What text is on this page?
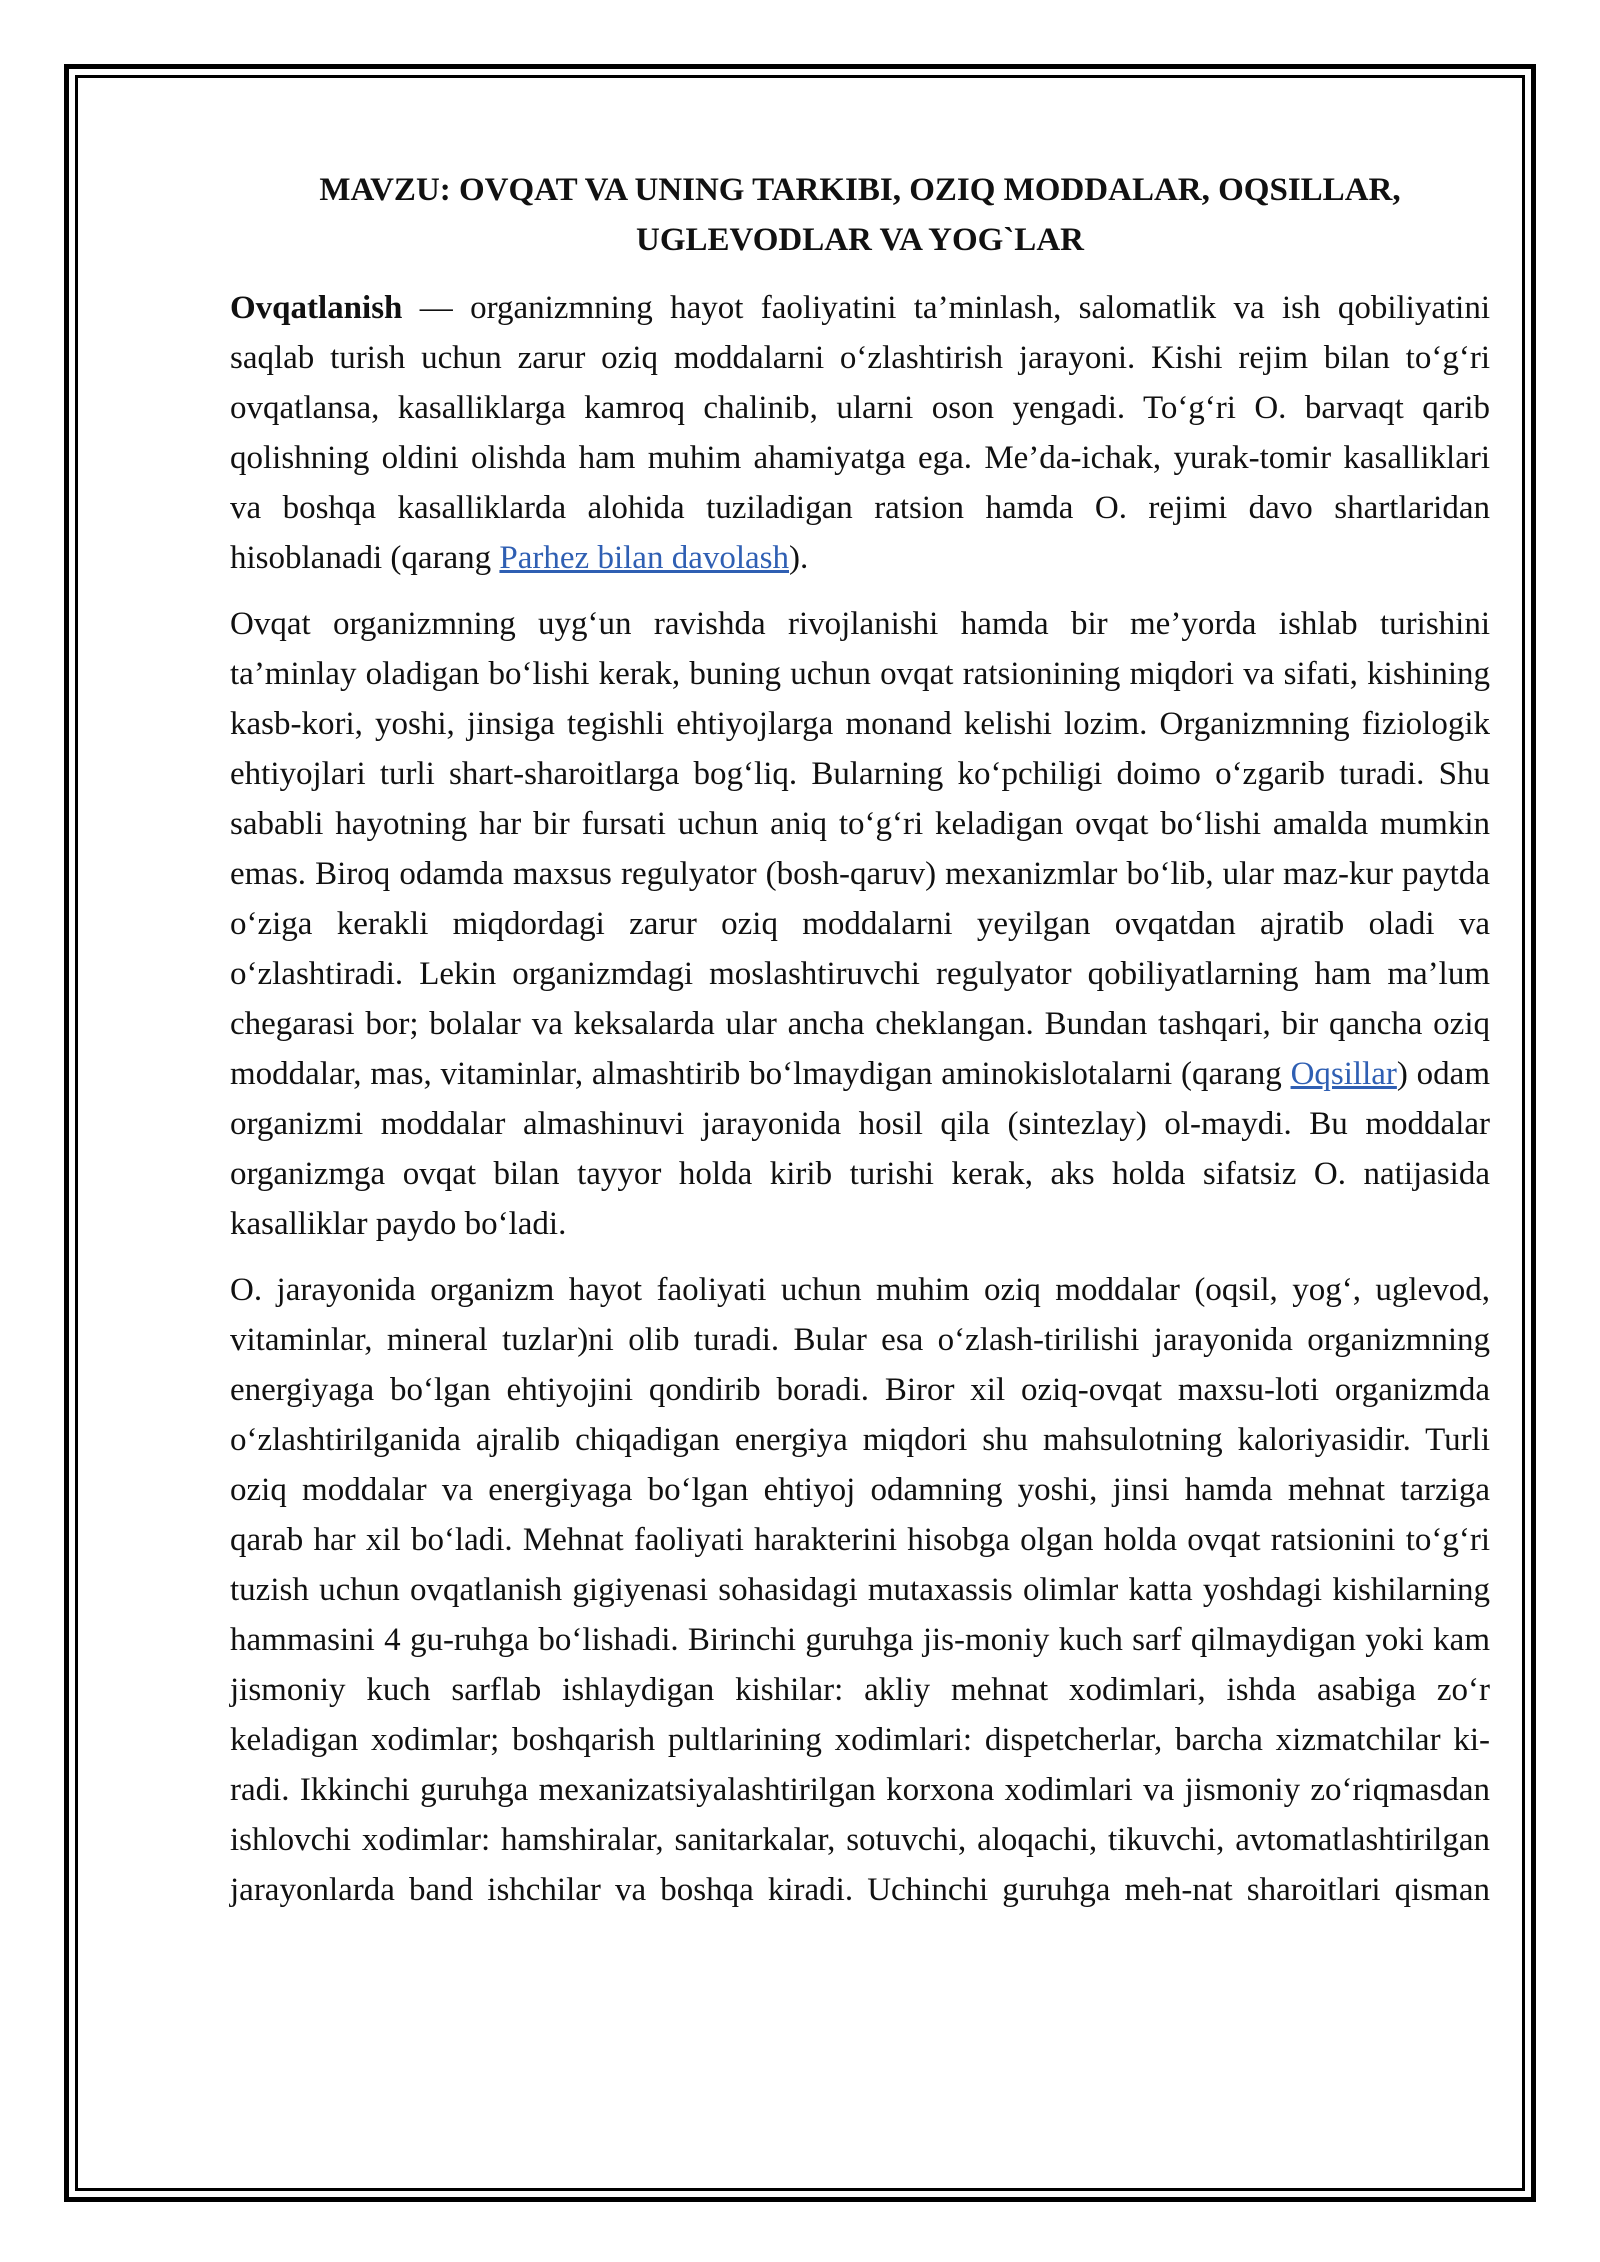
MAVZU: OVQAT VA UNING TARKIBI, OZIQ MODDALAR, OQSILLAR, UGLEVODLAR VA YOG`LAR

Ovqatlanish — organizmning hayot faoliyatini ta’minlash, salomatlik va ish qobiliyatini saqlab turish uchun zarur oziq moddalarni oʻzlashtirish jarayoni. Kishi rejim bilan toʻgʻri ovqatlansa, kasalliklarga kamroq chalinib, ularni oson yengadi. Toʻgʻri O. barvaqt qarib qolishning oldini olishda ham muhim ahamiyatga ega. Me’da-ichak, yurak-tomir kasalliklari va boshqa kasalliklarda alohida tuziladigan ratsion hamda O. rejimi davo shartlaridan hisoblanadi (qarang Parhez bilan davolash).

Ovqat organizmning uygʻun ravishda rivojlanishi hamda bir me’yorda ishlab turishini ta’minlay oladigan boʻlishi kerak, buning uchun ovqat ratsionining miqdori va sifati, kishining kasb-kori, yoshi, jinsiga tegishli ehtiyojlarga monand kelishi lozim. Organizmning fiziologik ehtiyojlari turli shart-sharoitlarga bogʻliq. Bularning koʻpchiligi doimo oʻzgarib turadi. Shu sababli hayotning har bir fursati uchun aniq toʻgʻri keladigan ovqat boʻlishi amalda mumkin emas. Biroq odamda maxsus regulyator (bosh-qaruv) mexanizmlar boʻlib, ular maz-kur paytda oʻziga kerakli miqdordagi zarur oziq moddalarni yeyilgan ovqatdan ajratib oladi va oʻzlashtiradi. Lekin organizmdagi moslashtiruvchi regulyator qobiliyatlarning ham ma’lum chegarasi bor; bolalar va keksalarda ular ancha cheklangan. Bundan tashqari, bir qancha oziq moddalar, mas, vitaminlar, almashtirib boʻlmaydigan aminokislotalarni (qarang Oqsillar) odam organizmi moddalar almashinuvi jarayonida hosil qila (sintezlay) ol-maydi. Bu moddalar organizmga ovqat bilan tayyor holda kirib turishi kerak, aks holda sifatsiz O. natijasida kasalliklar paydo boʻladi.

O. jarayonida organizm hayot faoliyati uchun muhim oziq moddalar (oqsil, yogʻ, uglevod, vitaminlar, mineral tuzlar)ni olib turadi. Bular esa oʻzlash-tirilishi jarayonida organizmning energiyaga boʻlgan ehtiyojini qondirib boradi. Biror xil oziq-ovqat maxsu-loti organizmda oʻzlashtirilganida ajralib chiqadigan energiya miqdori shu mahsulotning kaloriyasidir. Turli oziq moddalar va energiyaga boʻlgan ehtiyoj odamning yoshi, jinsi hamda mehnat tarziga qarab har xil boʻladi. Mehnat faoliyati harakterini hisobga olgan holda ovqat ratsionini toʻgʻri tuzish uchun ovqatlanish gigiyenasi sohasidagi mutaxassis olimlar katta yoshdagi kishilarning hammasini 4 gu-ruhga boʻlishadi. Birinchi guruhga jis-moniy kuch sarf qilmaydigan yoki kam jismoniy kuch sarflab ishlaydigan kishilar: akliy mehnat xodimlari, ishda asabiga zoʻr keladigan xodimlar; boshqarish pultlarining xodimlari: dispetcherlar, barcha xizmatchilar ki-radi. Ikkinchi guruhga mexanizatsiyalashtirilgan korxona xodimlari va jismoniy zoʻriqmasdan ishlovchi xodimlar: hamshiralar, sanitarkalar, sotuvchi, aloqachi, tikuvchi, avtomatlashtirilgan jarayonlarda band ishchilar va boshqa kiradi. Uchinchi guruhga meh-nat sharoitlari qisman
